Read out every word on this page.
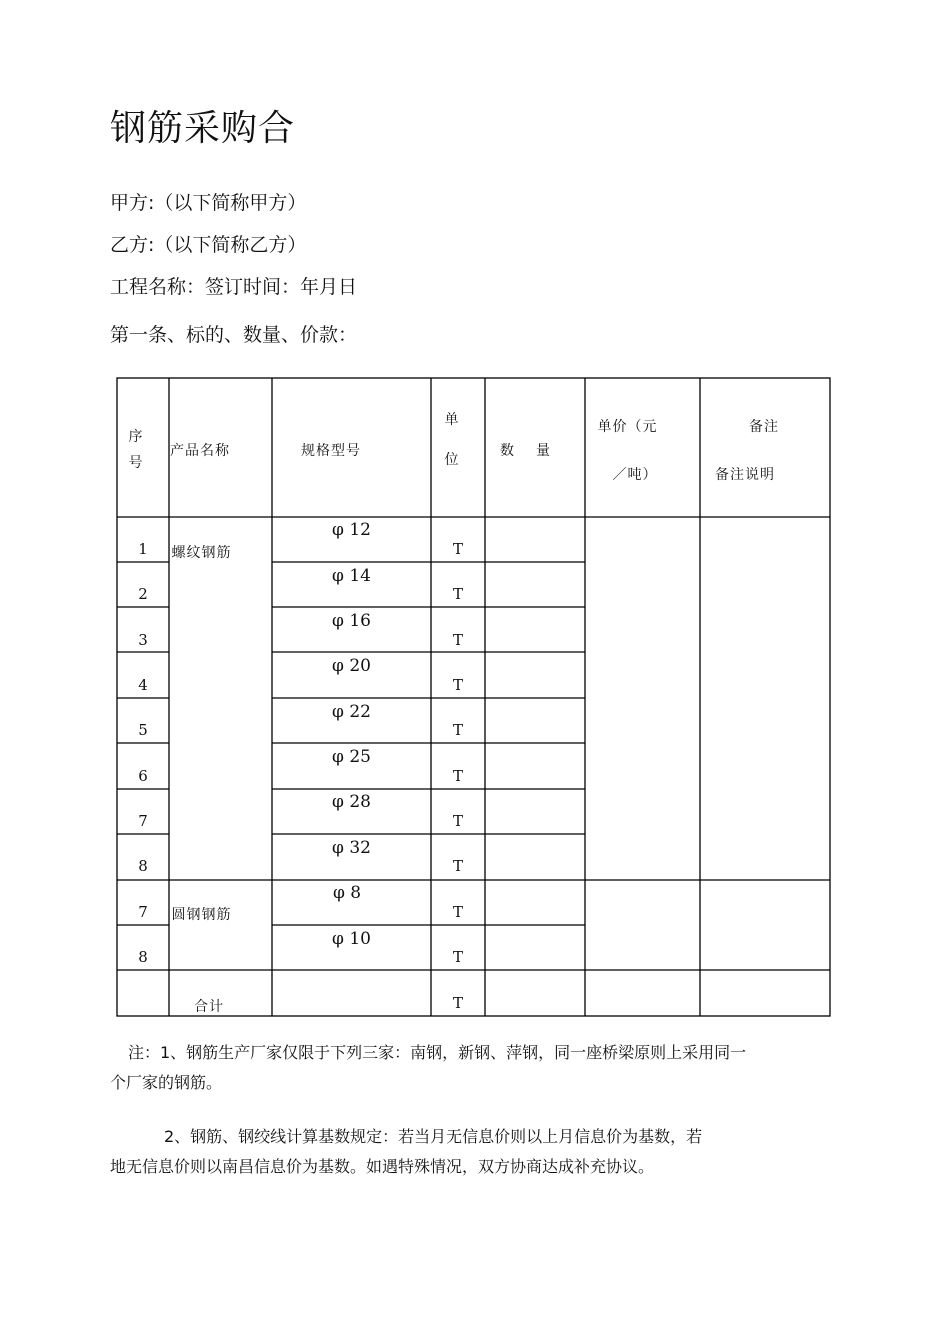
钢筋采购合
甲方:（以下简称甲方）
乙方:（以下简称乙方）
工程名称：签订时间：年月日
第一条、标的、数量、价款：
序号
产品名称	规格型号
单位
数量
单价（元
／吨）
备注
备注说明
螺纹钢筋
圆钢钢筋
1
2
3
4
5
6
7
8
7
8
φ 12
φ 14
φ 16
φ 20
φ 22
φ 25
φ 28
φ 32
φ 8
φ 10
T
T
T
T
T
T
T
T
T
T
合计	T
注：1、钢筋生产厂家仅限于下列三家：南钢，新钢、萍钢，同一座桥梁原则上采用同一
个厂家的钢筋。
2、钢筋、钢绞线计算基数规定：若当月无信息价则以上月信息价为基数，若
地无信息价则以南昌信息价为基数。如遇特殊情况，双方协商达成补充协议。
